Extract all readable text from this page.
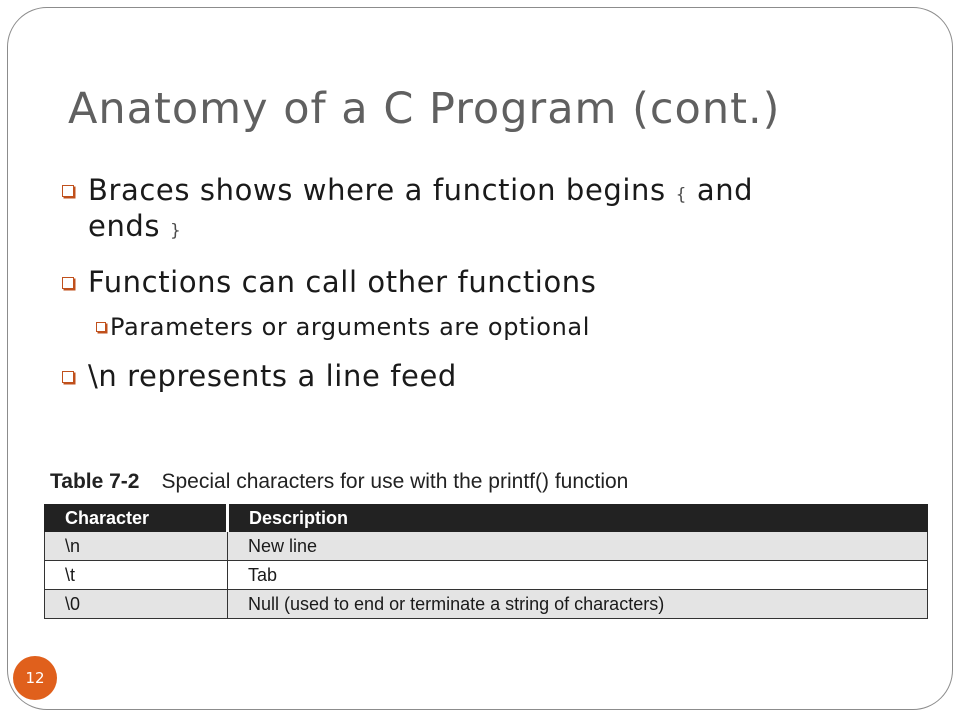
Anatomy of a C Program (cont.)
Braces shows where a function begins { and
ends }
Functions can call other functions
Parameters or arguments are optional
\n represents a line feed
Table 7-2 Special characters for use with the printf() function
Character	Description
\n	New line
\t	Tab
\0	Null (used to end or terminate a string of characters)
12
